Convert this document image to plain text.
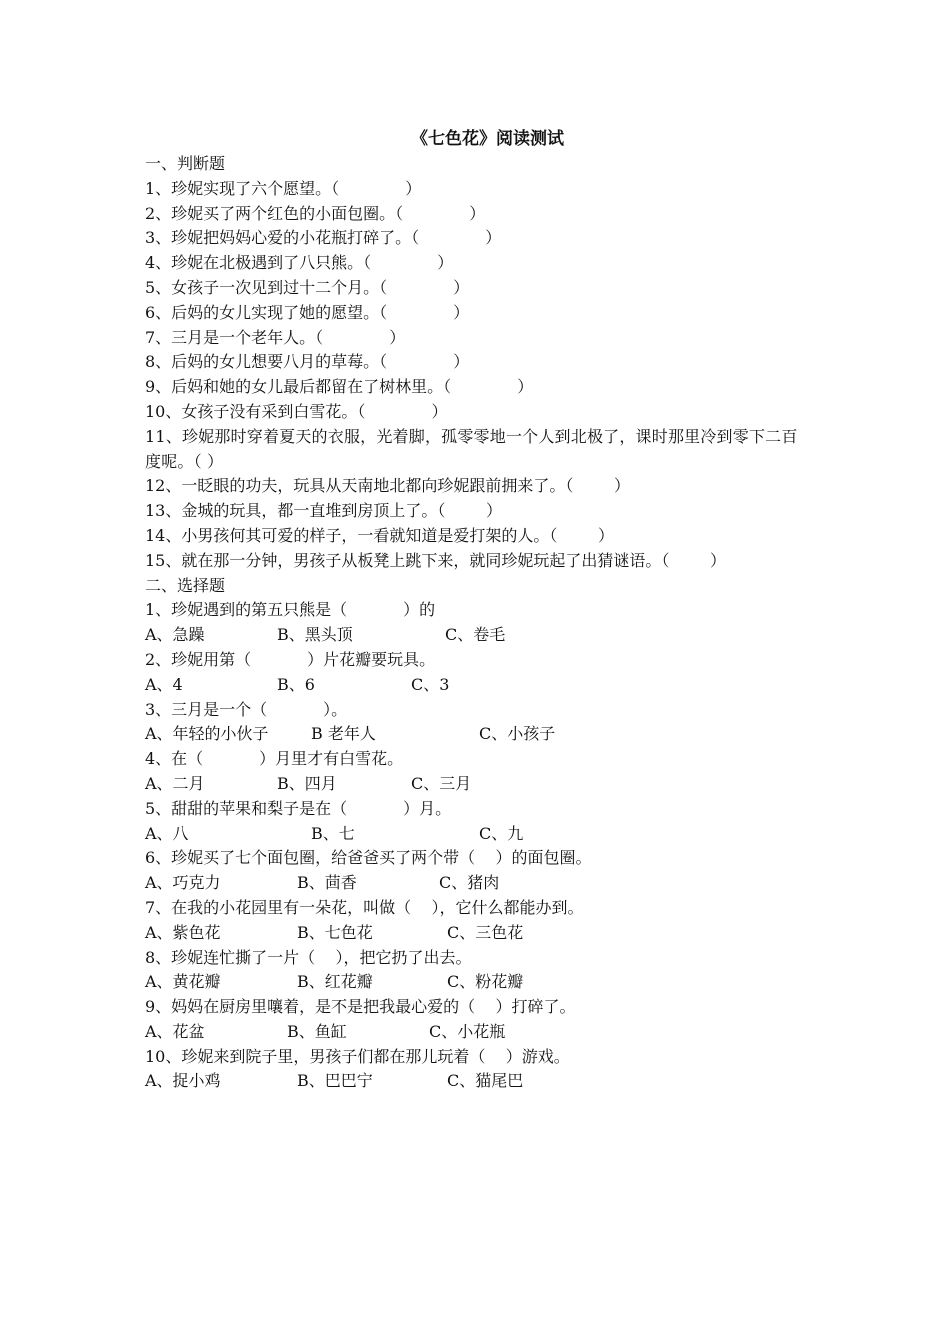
《七色花》阅读测试
一、判断题
1、珍妮实现了六个愿望。（             ）
2、珍妮买了两个红色的小面包圈。（             ）
3、珍妮把妈妈心爱的小花瓶打碎了。（             ）
4、珍妮在北极遇到了八只熊。（             ）
5、女孩子一次见到过十二个月。（             ）
6、后妈的女儿实现了她的愿望。（             ）
7、三月是一个老年人。（             ）
8、后妈的女儿想要八月的草莓。（             ）
9、后妈和她的女儿最后都留在了树林里。（             ）
10、女孩子没有采到白雪花。（             ）
11、珍妮那时穿着夏天的衣服，光着脚，孤零零地一个人到北极了，课时那里冷到零下二百度呢。（ ）
12、一眨眼的功夫，玩具从天南地北都向珍妮跟前拥来了。（        ）
13、金城的玩具，都一直堆到房顶上了。（        ）
14、小男孩何其可爱的样子，一看就知道是爱打架的人。（        ）
15、就在那一分钟，男孩子从板凳上跳下来，就同珍妮玩起了出猜谜语。（        ）
二、选择题
1、珍妮遇到的第五只熊是（           ）的
A、急躁	B、黑头顶	C、卷毛
2、珍妮用第（           ）片花瓣要玩具。
A、4	B、6	C、3
3、三月是一个（           ）。
A、年轻的小伙子	B 老年人	C、小孩子
4、在（           ）月里才有白雪花。
A、二月	B、四月	C、三月
5、甜甜的苹果和梨子是在（           ）月。
A、八	B、七	C、九
6、珍妮买了七个面包圈，给爸爸买了两个带（    ）的面包圈。
A、巧克力	B、茴香	C、猪肉
7、在我的小花园里有一朵花，叫做（    ），它什么都能办到。
A、紫色花	B、七色花	C、三色花
8、珍妮连忙撕了一片（    ），把它扔了出去。
A、黄花瓣	B、红花瓣	C、粉花瓣
9、妈妈在厨房里嚷着，是不是把我最心爱的（    ）打碎了。
A、花盆	B、鱼缸	C、小花瓶
10、珍妮来到院子里，男孩子们都在那儿玩着（    ）游戏。
A、捉小鸡	B、巴巴宁	C、猫尾巴
